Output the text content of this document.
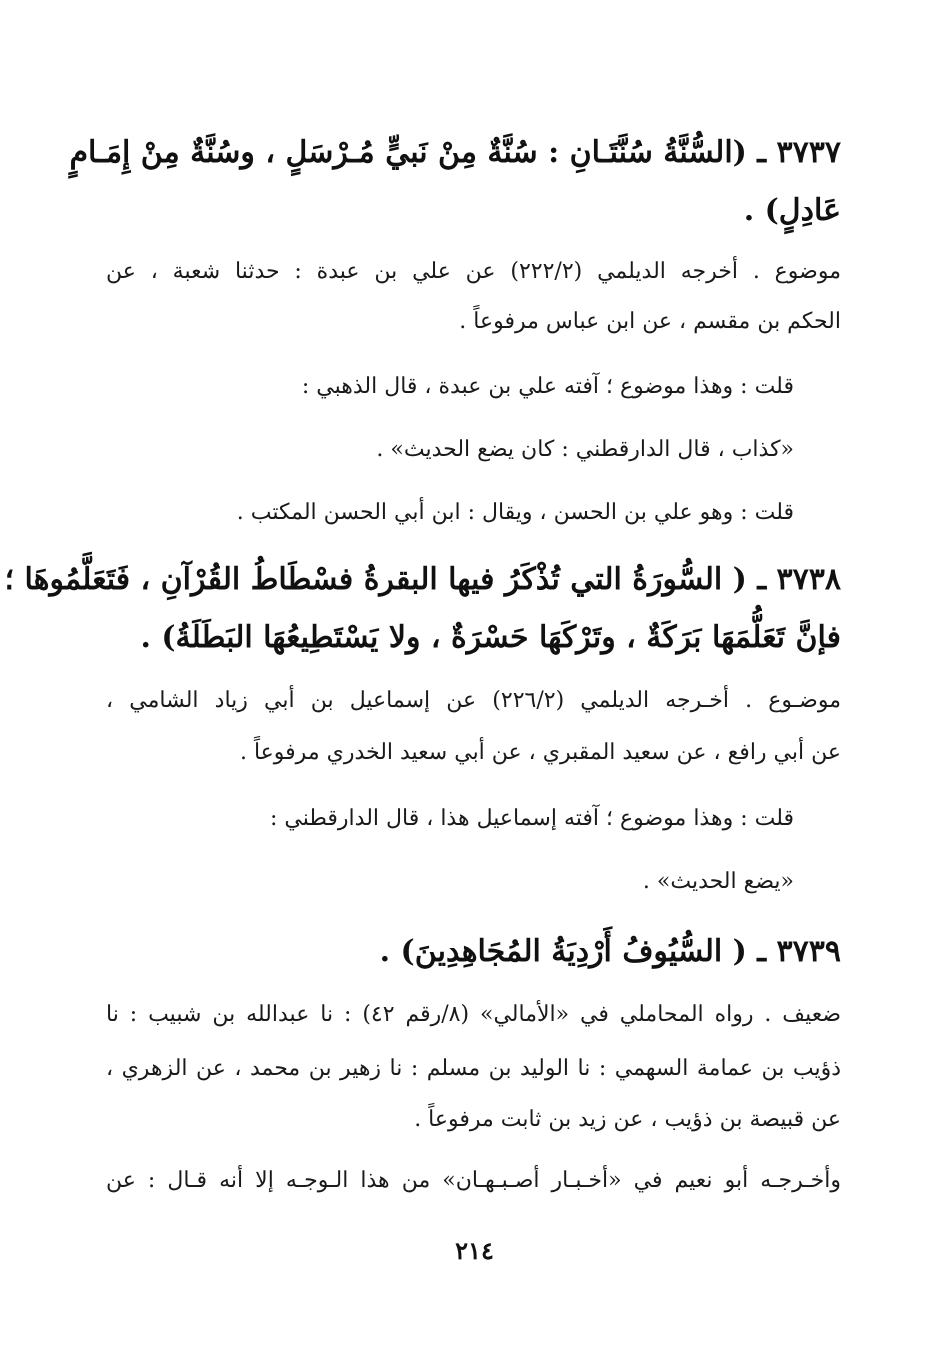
٣٧٣٧ ـ (السُّنَّةُ سُنَّتَـانِ : سُنَّةٌ مِنْ نَبيٍّ مُـرْسَلٍ ، وسُنَّةٌ مِنْ إِمَـامٍ
عَادِلٍ) .
موضوع . أخرجه الديلمي (٢٢٢/٢) عن علي بن عبدة : حدثنا شعبة ، عن
الحكم بن مقسم ، عن ابن عباس مرفوعاً .
قلت : وهذا موضوع ؛ آفته علي بن عبدة ، قال الذهبي :
«كذاب ، قال الدارقطني : كان يضع الحديث» .
قلت : وهو علي بن الحسن ، ويقال : ابن أبي الحسن المكتب .
٣٧٣٨ ـ ( السُّورَةُ التي تُذْكَرُ فيها البقرةُ فسْطَاطُ القُرْآنِ ، فَتَعَلَّمُوهَا ؛
فإنَّ تَعَلُّمَهَا بَرَكَةٌ ، وتَرْكَهَا حَسْرَةٌ ، ولا يَسْتَطِيعُهَا البَطَلَةُ) .
موضـوع . أخـرجه الديلمي (٢٢٦/٢) عن إسماعيل بن أبي زياد الشامي ،
عن أبي رافع ، عن سعيد المقبري ، عن أبي سعيد الخدري مرفوعاً .
قلت : وهذا موضوع ؛ آفته إسماعيل هذا ، قال الدارقطني :
«يضع الحديث» .
٣٧٣٩ ـ ( السُّيُوفُ أَرْدِيَةُ المُجَاهِدِينَ) .
ضعيف . رواه المحاملي في «الأمالي» (٨/رقم ٤٢) : نا عبدالله بن شبيب : نا
ذؤيب بن عمامة السهمي : نا الوليد بن مسلم : نا زهير بن محمد ، عن الزهري ،
عن قبيصة بن ذؤيب ، عن زيد بن ثابت مرفوعاً .
وأخـرجـه أبو نعيم في «أخـبـار أصـبـهـان» من هذا الـوجـه إلا أنه قـال : عن
٢١٤
